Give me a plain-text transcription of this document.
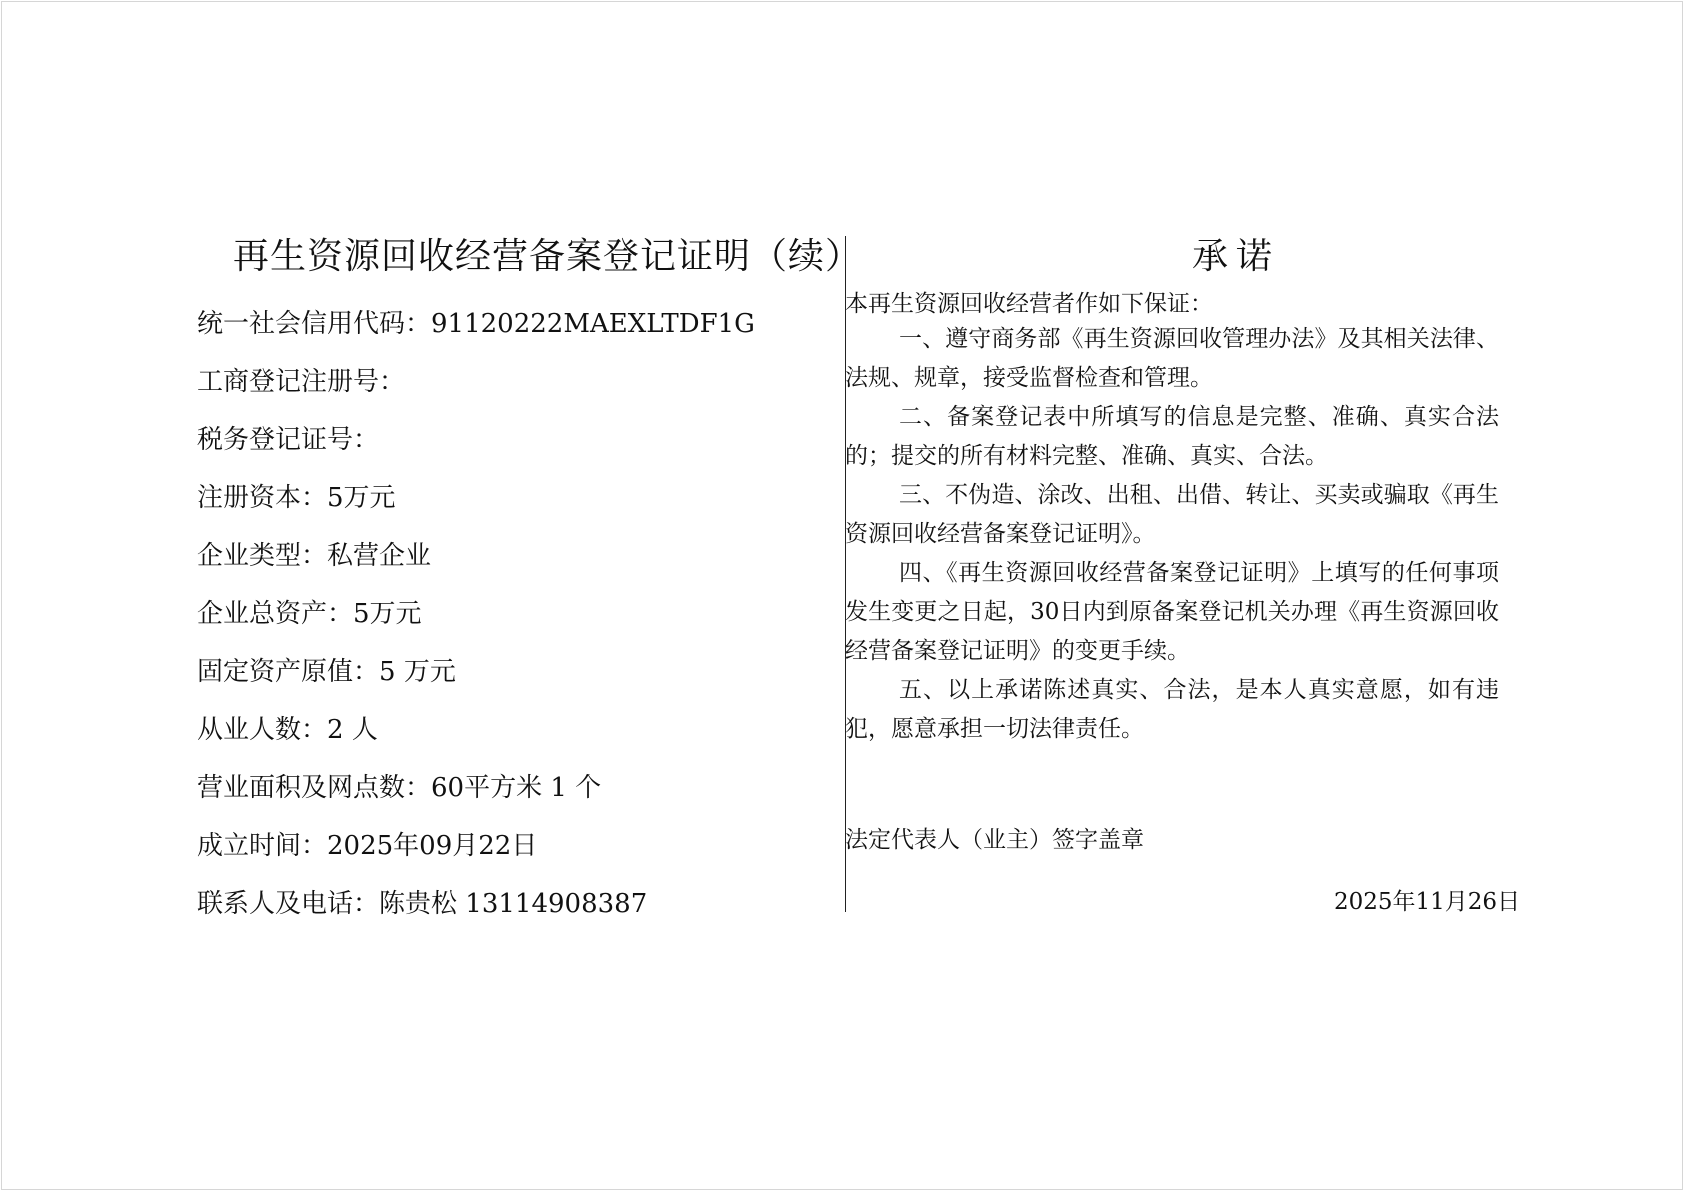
再生资源回收经营备案登记证明（续）
统一社会信用代码：91120222MAEXLTDF1G
工商登记注册号：
税务登记证号：
注册资本：5万元
企业类型：私营企业
企业总资产：5万元
固定资产原值：5 万元
从业人数：2 人
营业面积及网点数：60平方米 1 个
成立时间：2025年09月22日
联系人及电话：陈贵松 13114908387
承诺
本再生资源回收经营者作如下保证：

一、遵守商务部《再生资源回收管理办法》及其相关法律、法规、规章，接受监督检查和管理。

二、备案登记表中所填写的信息是完整、准确、真实合法的；提交的所有材料完整、准确、真实、合法。

三、不伪造、涂改、出租、出借、转让、买卖或骗取《再生资源回收经营备案登记证明》。

四、《再生资源回收经营备案登记证明》上填写的任何事项发生变更之日起，30日内到原备案登记机关办理《再生资源回收经营备案登记证明》的变更手续。

五、以上承诺陈述真实、合法，是本人真实意愿，如有违犯，愿意承担一切法律责任。

法定代表人（业主）签字盖章
2025年11月26日
